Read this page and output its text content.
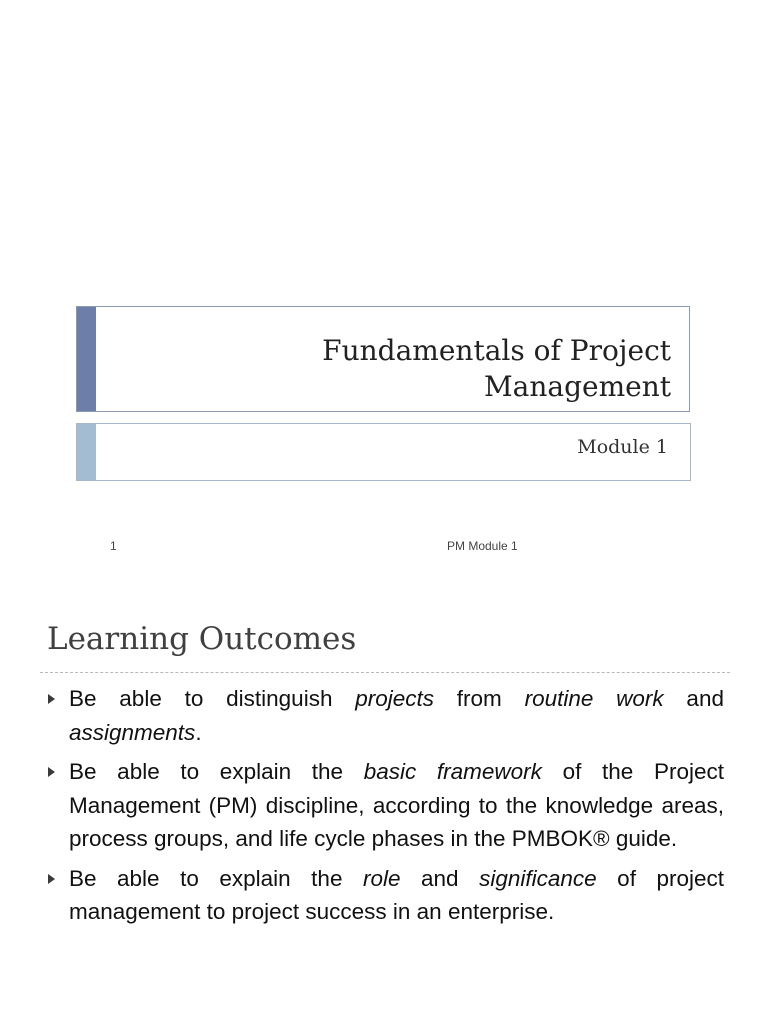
Fundamentals of Project
Management
Module 1
1	PM Module 1
Learning Outcomes
Be able to distinguish projects from routine work and assignments.
Be able to explain the basic framework of the Project Management (PM) discipline, according to the knowledge areas, process groups, and life cycle phases in the PMBOK® guide.
Be able to explain the role and significance of project management to project success in an enterprise.
